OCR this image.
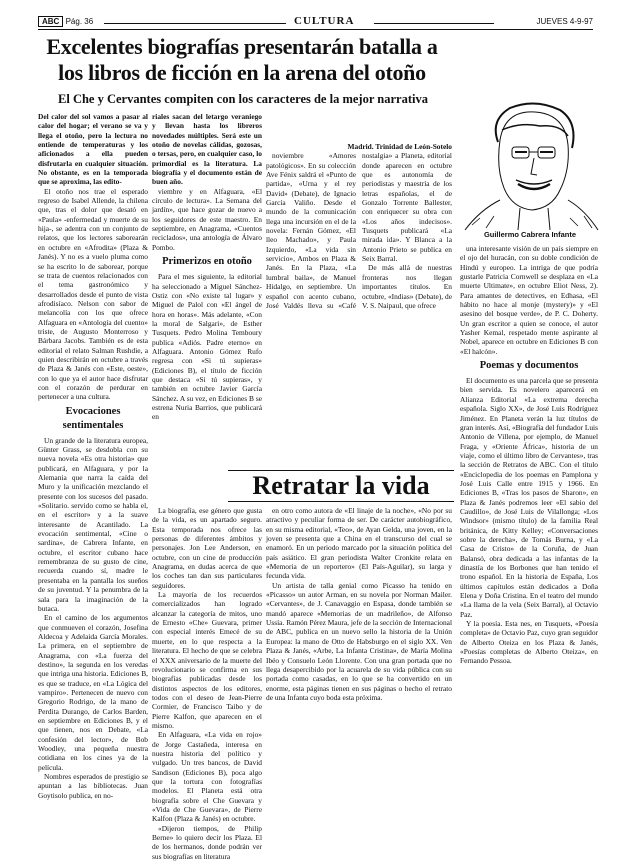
ABC Pág. 36	CULTURA	JUEVES 4-9-97
Excelentes biografías presentarán batalla a
los libros de ficción en la arena del otoño
El Che y Cervantes compiten con los caracteres de la mejor narrativa
Guillermo Cabrera Infante

Del calor del sol vamos a pasar al calor del hogar; el verano se va y llega el otoño, pero la lectura no entiende de temperaturas y los aficionados a ella pueden disfrutarla en cualquier situación. No obstante, es en la temporada que se aproxima, las edito-

El otoño nos trae el esperado regreso de Isabel Allende, la chilena que, tras el dolor que desató en «Paula» -enfermedad y muerte de su hija-, se adentra con un conjunto de relatos, que los lectores saborearán en octubre en «Afrodita» (Plaza & Janés). Y no es a vuelo pluma como se ha escrito lo de saborear, porque se trata de cuentos relacionados con el tema gastronómico y desarrollados desde el punto de vista afrodisíaco. Nelson con sabor de melancolía con los que ofrece Alfaguara en «Antología del cuento» triste, de Augusto Monterroso y Bárbara Jacobs. También es de esta editorial el relato Salman Rushdie, a quien describirán en octubre a través de Plaza & Janés con «Este, oeste», con lo que ya el autor hace disfrutar con el corazón de perdurar en pertenecer a una cultura.

Evocaciones sentimentales

Un grande de la literatura europea, Günter Grass, se desdobla con su nueva novela «Es otra historia» que publicará, en Alfaguara, y por la Alemania que narra la caída del Muro y la unificación mezclando el presente con los sucesos del pasado. «Solitario. servido como se habla el, en el escritor» y a la suave interesante de Acantilado. La evocación sentimental, «Cine o sardina», de Cabrera Infante, en octubre, el escritor cubano hace remembranza de su gusto de cine, recuerda cuando sí, madre le presentaba en la pantalla los sueños de su juventud. Y la penumbra de la sala para la imaginación de la butaca.

En el camino de los argumentos que conmueven el corazón, Josefina Aldecoa y Adelaida García Morales. La primera, en el septiembre de Anagrama, con «La fuerza del destino», la segunda en los veredas que intriga una historia. Ediciones B, es que se traduce, en «La Lógica del vampiro». Pertenecen de nuevo con Gregorio Rodrigo, de la mano de Perdita Durango, de Carlos Barden, en septiembre en Ediciones B, y el que tienen, nos en Debate, «La confesión del lector», de Bob Woodley, una pequeña nuestra cotidiana en los cines ya de la película.

Nombres esperados de prestigio se apuntan a las bibliotecas. Juan Goytisolo publica, en no-

riales sacan del letargo veraniego y llevan hasta los libreros novedades múltiples. Será este un otoño de novelas cálidas, gozosas, o tersas, pero, en cualquier caso, lo primordial es la literatura. La biografía y el documento están de buen año.

viembre y en Alfaguara, «El círculo de lectura». La Semana del jardín», que hace gozar de nuevo a los seguidores de este maestro. En septiembre, en Anagrama, «Cuentos reciclados», una antología de Álvaro Pombo.

Primerizos en otoño

Para el mes siguiente, la editorial ha seleccionado a Miguel Sánchez-Ostiz con «No existe tal lugar» y Miguel de Palol con «El ángel de hora en horas». Más adelante, «Con la moral de Salgari», de Esther Tusquets. Pedro Molina Temboury publica «Adiós. Padre eterno» en Alfaguara. Antonio Gómez Rufo regresa con «Si tú supieras» (Ediciones B), el título de ficción que destaca «Si tú supieras», y también en octubre Javier García Sánchez. A su vez, en Ediciones B se estrena Nuria Barrios, que publicará en

Madrid. Trinidad de León-Sotelo

noviembre «Amores patológicos». En su colección Ave Fénix saldrá el «Punto de partida», «Urna y el rey David» (Debate), de Ignacio García Valiño. Desde el mundo de la comunicación llega una incursión en el de la novela: Fernán Gómez, «El lleo Machado», y Paula Izquierdo, «La vida sin servicio», Ambos en Plaza & Janés. En la Plaza, «La lumbral baila», de Manuel Hidalgo, en septiembre. Un español con acento cubano, José Valdés lleva su «Café nostalgia» a Planeta, editorial donde aparecen en octubre que es autonomía de periodistas y maestría de los letras españolas, el de Gonzalo Torrente Ballester, con enriquecer su obra con «Los años indecisos». Tusquets publicará «La mirada ida». Y Blanca a la Antonio Prieto se publica en Seix Barral.

De más allá de nuestras fronteras nos llegan importantes títulos. En octubre, «Indias» (Debate), de V. S. Naipaul, que ofrece

Retratar la vida

La biografía, ese género que gusta de la vida, es un apartado seguro. Esta temporada nos ofrece las personas de diferentes ámbitos y personajes. Jon Lee Anderson, en octubre, con un cine de producción Anagrama, en dudas acerca de que los coches tan dan sus particulares seguidores.

La mayoría de los recuerdos comercializados han logrado alcanzar la categoría de mitos, uno de Ernesto «Che» Guevara, primer con especial interés Emecé de su muerte, en lo que respecta a la literatura. El hecho de que se celebra el XXX aniversario de la muerte del revolucionario se confirma en sus biografías publicadas desde los distintos aspectos de los editores, todos con el deseo de Jean-Pierre Cormier, de Francisco Taibo y de Pierre Kalfon, que aparecen en el mismo.

En Alfaguara, «La vida en rojo» de Jorge Castañeda, interesa en nuestra historia del político y vulgado. Un tres bancos, de David Sandison (Ediciones B), poca algo que la tortura con fotografías modelos. El Planeta está otra biografía sobre el Che Guevara y «Vida de Che Guevara», de Pierre Kalfon (Plaza & Janés) en octubre.

«Dijeron tiempos, de Philip Berne» lo quiero decir los Plaza. El de los hermanos, donde podrán ver sus biografías en literatura

en otro como autora de «El linaje de la noche», «No por su atractivo y peculiar forma de ser. De carácter autobiográfico, en su misma editorial, «Teo», de Ayan Gelda, una joven, en la joven se presenta que a China en el transcurso del cual se enamoró. En un periodo marcado por la situación política del país asiático. El gran periodista Walter Cronkite relata en «Memoria de un reportero» (El País-Aguilar), su larga y fecunda vida.

Un artista de talla genial como Picasso ha tenido en «Picasso» un autor Arman, en su novela por Norman Mailer. «Cervantes», de J. Canavaggio en Espasa, donde también se mandó aparece «Memorias de un madrileño», de Alfonso Ussía. Ramón Pérez Maura, jefe de la sección de Internacional de ABC, publica en un nuevo sello la historia de la Unión Europea: la mano de Otto de Habsburgo en el siglo XX. Ven Plaza & Janés, «Arbe, La Infanta Cristina», de María Molina Ibéo y Consuelo León Llorente. Con una gran portada que no llega desapercibido por la acuarela de su vida pública con su portada como casadas, en lo que se ha convertido en un enorme, esta páginas tienen en sus páginas o hecho el retrato de una Infanta cuyo boda esta próxima.

una interesante visión de un país siempre en el ojo del huracán, con su doble condición de Hindú y europeo. La intriga de que podría gustarle Patricia Cornwell se desplaza en «La muerte Ultimate», en octubre Eliot Ness, 2). Para amantes de detectives, en Edhasa, «El hábito no hace al monje (mystery)» y «El asesino del bosque verde», de P. C. Doherty. Un gran escritor a quien se conoce, el autor Yasher Kemal, respetado mente aspirante al Nobel, aparece en octubre en Ediciones B con «El halcón».

Poemas y documentos

El documento es una parcela que se presenta bien servida. Es novelero aparecerá en Alianza Editorial «La extrema derecha española. Siglo XX», de José Luis Rodríguez Jiménez. En Planeta verán la luz títulos de gran interés. Así, «Biografía del fundador Luis Antonio de Villena, por ejemplo, de Manuel Fraga, y «Oriente África», historia de un viaje, como el último libro de Cervantes», tras la sección de Retratos de ABC. Con el título «Enciclopedia de los poemas en Pamplona y José Luis Calle entre 1915 y 1966. En Ediciones B, «Tras los pasos de Sharon», en Plaza & Janés podremos leer «El sabio del Caudillo», de José Luis de Vilallonga; «Los Windsor» (mismo título) de la familia Real británica, de Kitty Kelley; «Conversaciones sobre la derecha», de Tomás Burna, y «La Casa de Cristo» de la Coruña, de Juan Balansó, obra dedicada a las infantas de la dinastía de los Borbones que han tenido el trono español. En la historia de España, Los últimos capítulos están dedicados a Doña Elena y Doña Cristina. En el teatro del mundo «La llama de la vela (Seix Barral), al Octavio Paz.

Y la poesía. Esta nes, en Tusquets, «Poesía completa» de Octavio Paz, cuyo gran seguidor de Alberto Oteiza en los Plaza & Janés, «Poesías completas de Alberto Oteiza», en Fernando Pessoa.
